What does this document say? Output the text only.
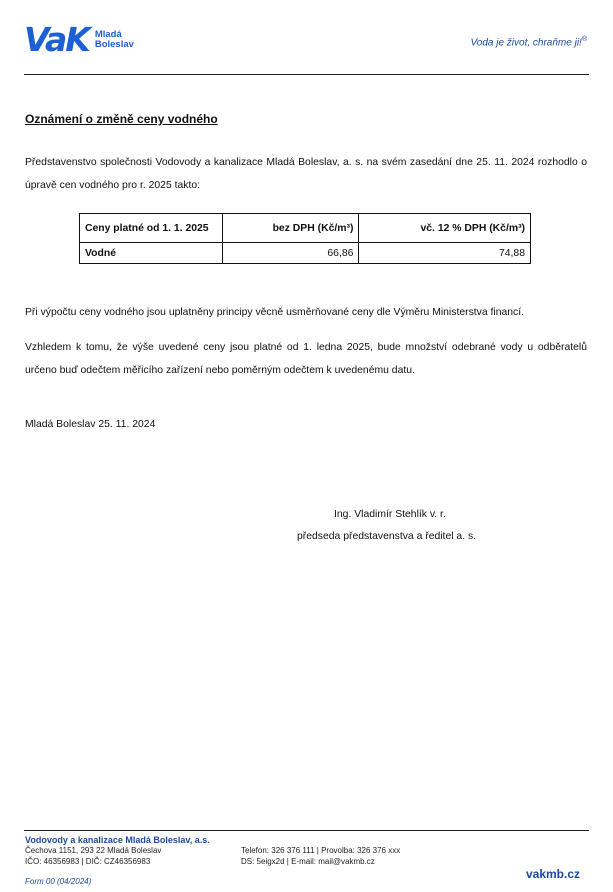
VaK Mladá
Boleslav	Voda je život, chraňme ji!®
Oznámení o změně ceny vodného
Představenstvo společnosti Vodovody a kanalizace Mladá Boleslav, a. s. na svém zasedání dne 25. 11. 2024 rozhodlo o úpravě cen vodného pro r. 2025 takto:
Ceny platné od 1. 1. 2025	bez DPH (Kč/m³)	vč. 12 % DPH (Kč/m³)
Vodné	66,86	74,88
Při výpočtu ceny vodného jsou uplatněny principy věcně usměrňované ceny dle Výměru Ministerstva financí.
Vzhledem k tomu, že výše uvedené ceny jsou platné od 1. ledna 2025, bude množství odebrané vody u odběratelů určeno buď odečtem měřicího zařízení nebo poměrným odečtem k uvedenému datu.
Mladá Boleslav 25. 11. 2024
Ing. Vladimír Stehlík v. r.
předseda představenstva a ředitel a. s.
Vodovody a kanalizace Mladá Boleslav, a.s.
Čechova 1151, 293 22 Mladá Boleslav
IČO: 46356983 | DIČ: CZ46356983
Telefon: 326 376 111 | Provolba: 326 376 xxx
DS: 5eigx2d | E-mail: mail@vakmb.cz
Form 00 (04/2024)
vakmb.cz
